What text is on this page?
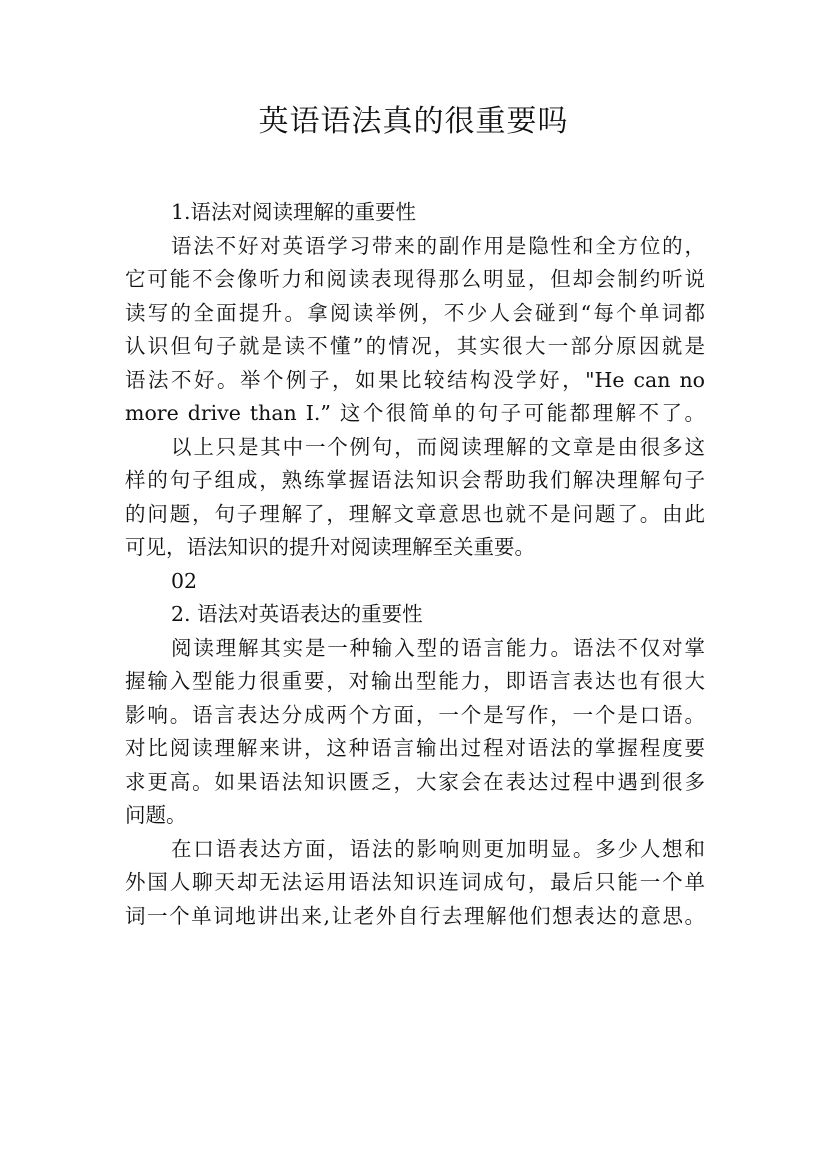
英语语法真的很重要吗
1.语法对阅读理解的重要性
语法不好对英语学习带来的副作用是隐性和全方位的，
它可能不会像听力和阅读表现得那么明显，但却会制约听说
读写的全面提升。拿阅读举例，不少人会碰到“每个单词都
认识但句子就是读不懂”的情况，其实很大一部分原因就是
语法不好。举个例子，如果比较结构没学好，"He can no
more drive than I.” 这个很简单的句子可能都理解不了。
以上只是其中一个例句，而阅读理解的文章是由很多这
样的句子组成，熟练掌握语法知识会帮助我们解决理解句子
的问题，句子理解了，理解文章意思也就不是问题了。由此
可见，语法知识的提升对阅读理解至关重要。
02
2. 语法对英语表达的重要性
阅读理解其实是一种输入型的语言能力。语法不仅对掌
握输入型能力很重要，对输出型能力，即语言表达也有很大
影响。语言表达分成两个方面，一个是写作，一个是口语。
对比阅读理解来讲，这种语言输出过程对语法的掌握程度要
求更高。如果语法知识匮乏，大家会在表达过程中遇到很多
问题。
在口语表达方面，语法的影响则更加明显。多少人想和
外国人聊天却无法运用语法知识连词成句，最后只能一个单
词一个单词地讲出来,让老外自行去理解他们想表达的意思。
